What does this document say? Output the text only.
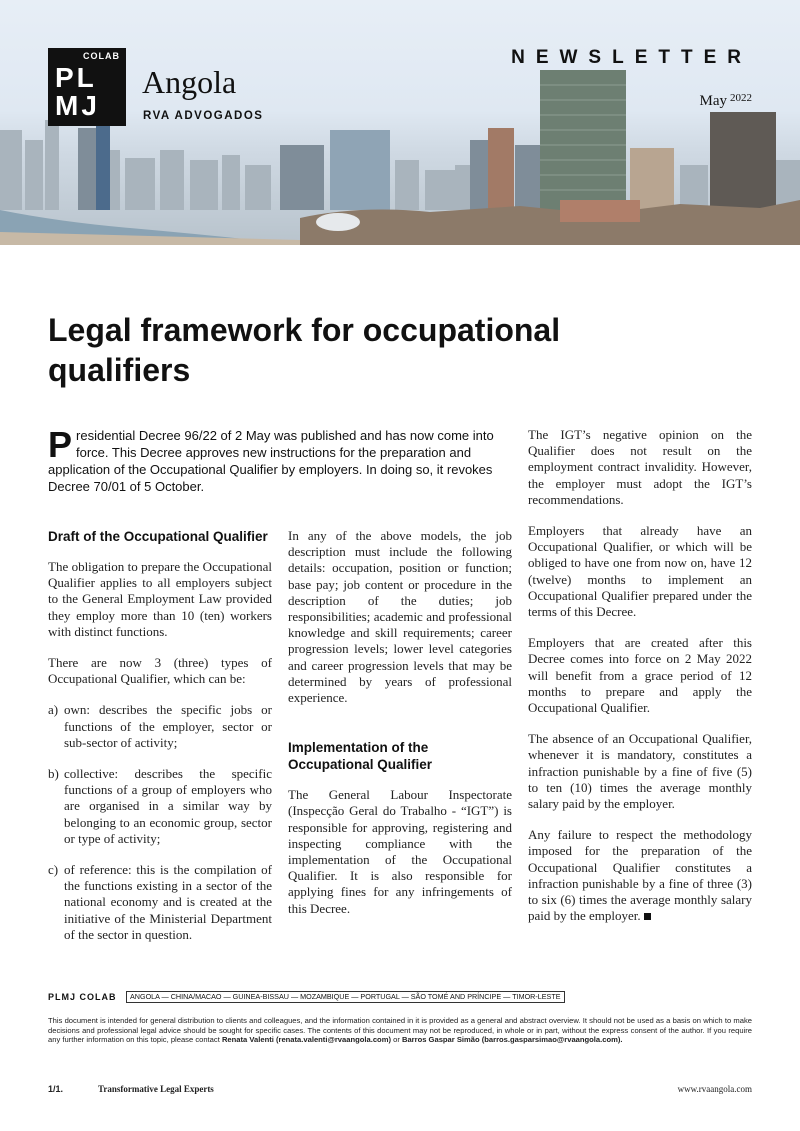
COLAB
PL
MJ
Angola
RVA ADVOGADOS
NEWSLETTER
May $^{2022}$
Legal framework for occupational qualifiers
Presidential Decree 96/22 of 2 May was published and has now come into force. This Decree approves new instructions for the preparation and application of the Occupational Qualifier by employers. In doing so, it revokes Decree 70/01 of 5 October.
Draft of the Occupational Qualifier

The obligation to prepare the Occupational Qualifier applies to all employers subject to the General Employment Law provided they employ more than 10 (ten) workers with distinct functions.

There are now 3 (three) types of Occupational Qualifier, which can be:

a) own: describes the specific jobs or functions of the employer, sector or sub-sector of activity;
b) collective: describes the specific functions of a group of employers who are organised in a similar way by belonging to an economic group, sector or type of activity;
c) of reference: this is the compilation of the functions existing in a sector of the national economy and is created at the initiative of the Ministerial Department of the sector in question.

In any of the above models, the job description must include the following details: occupation, position or function; base pay; job content or procedure in the description of the duties; job responsibilities; academic and professional knowledge and skill requirements; career progression levels; lower level categories and career progression levels that may be determined by years of professional experience.

Implementation of the Occupational Qualifier

The General Labour Inspectorate (Inspecção Geral do Trabalho - “IGT”) is responsible for approving, registering and inspecting compliance with the implementation of the Occupational Qualifier. It is also responsible for applying fines for any infringements of this Decree.

The IGT’s negative opinion on the Qualifier does not result on the employment contract invalidity. However, the employer must adopt the IGT’s recommendations.

Employers that already have an Occupational Qualifier, or which will be obliged to have one from now on, have 12 (twelve) months to implement an Occupational Qualifier prepared under the terms of this Decree.

Employers that are created after this Decree comes into force on 2 May 2022 will benefit from a grace period of 12 months to prepare and apply the Occupational Qualifier.

The absence of an Occupational Qualifier, whenever it is mandatory, constitutes a infraction punishable by a fine of five (5) to ten (10) times the average monthly salary paid by the employer.

Any failure to respect the methodology imposed for the preparation of the Occupational Qualifier constitutes a infraction punishable by a fine of three (3) to six (6) times the average monthly salary paid by the employer.

PLMJ COLAB	ANGOLA — CHINA/MACAO — GUINEA-BISSAU — MOZAMBIQUE — PORTUGAL — SÃO TOMÉ AND PRÍNCIPE — TIMOR-LESTE
This document is intended for general distribution to clients and colleagues, and the information contained in it is provided as a general and abstract overview. It should not be used as a basis on which to make decisions and professional legal advice should be sought for specific cases. The contents of this document may not be reproduced, in whole or in part, without the express consent of the author. If you require any further information on this topic, please contact Renata Valenti (renata.valenti@rvaangola.com) or Barros Gaspar Simão (barros.gasparsimao@rvaangola.com).
1/1.	Transformative Legal Experts	www.rvaangola.com
